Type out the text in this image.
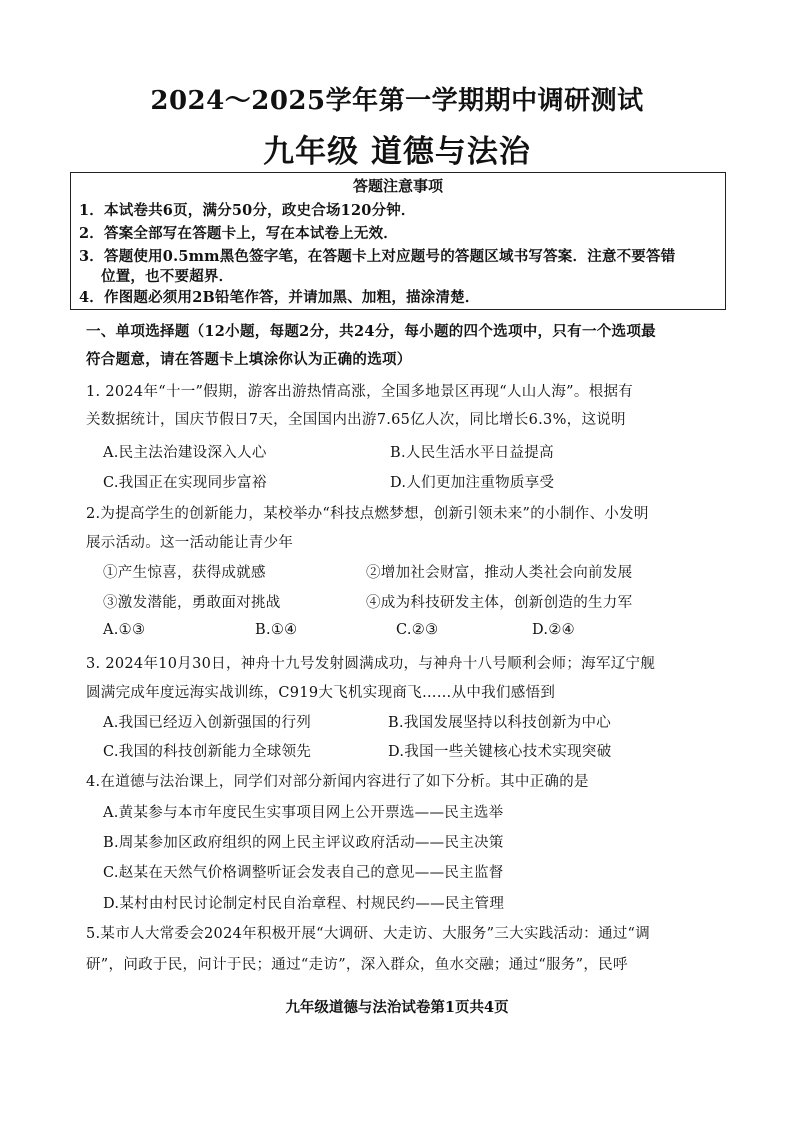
2024～2025学年第一学期期中调研测试
九年级 道德与法治
答题注意事项
1．本试卷共6页，满分50分，政史合场120分钟．
2．答案全部写在答题卡上，写在本试卷上无效．
3．答题使用0.5mm黑色签字笔，在答题卡上对应题号的答题区域书写答案．注意不要答错
位置，也不要超界．
4．作图题必须用2B铅笔作答，并请加黑、加粗，描涂清楚．
一、单项选择题（12小题，每题2分，共24分，每小题的四个选项中，只有一个选项最
符合题意，请在答题卡上填涂你认为正确的选项）
1. 2024年“十一”假期，游客出游热情高涨，全国多地景区再现“人山人海”。根据有
关数据统计，国庆节假日7天，全国国内出游7.65亿人次，同比增长6.3%，这说明
A.民主法治建设深入人心	B.人民生活水平日益提高
C.我国正在实现同步富裕	D.人们更加注重物质享受
2.为提高学生的创新能力，某校举办“科技点燃梦想，创新引领未来”的小制作、小发明
展示活动。这一活动能让青少年
①产生惊喜，获得成就感	②增加社会财富，推动人类社会向前发展
③激发潜能，勇敢面对挑战	④成为科技研发主体，创新创造的生力军
A.①③	B.①④	C.②③	D.②④
3. 2024年10月30日，神舟十九号发射圆满成功，与神舟十八号顺利会师；海军辽宁舰
圆满完成年度远海实战训练，C919大飞机实现商飞……从中我们感悟到
A.我国已经迈入创新强国的行列	B.我国发展坚持以科技创新为中心
C.我国的科技创新能力全球领先	D.我国一些关键核心技术实现突破
4.在道德与法治课上，同学们对部分新闻内容进行了如下分析。其中正确的是
A.黄某参与本市年度民生实事项目网上公开票选——民主选举
B.周某参加区政府组织的网上民主评议政府活动——民主决策
C.赵某在天然气价格调整听证会发表自己的意见——民主监督
D.某村由村民讨论制定村民自治章程、村规民约——民主管理
5.某市人大常委会2024年积极开展“大调研、大走访、大服务”三大实践活动：通过“调
研”，问政于民，问计于民；通过“走访”，深入群众，鱼水交融；通过“服务”，民呼
九年级道德与法治试卷第1页共4页
